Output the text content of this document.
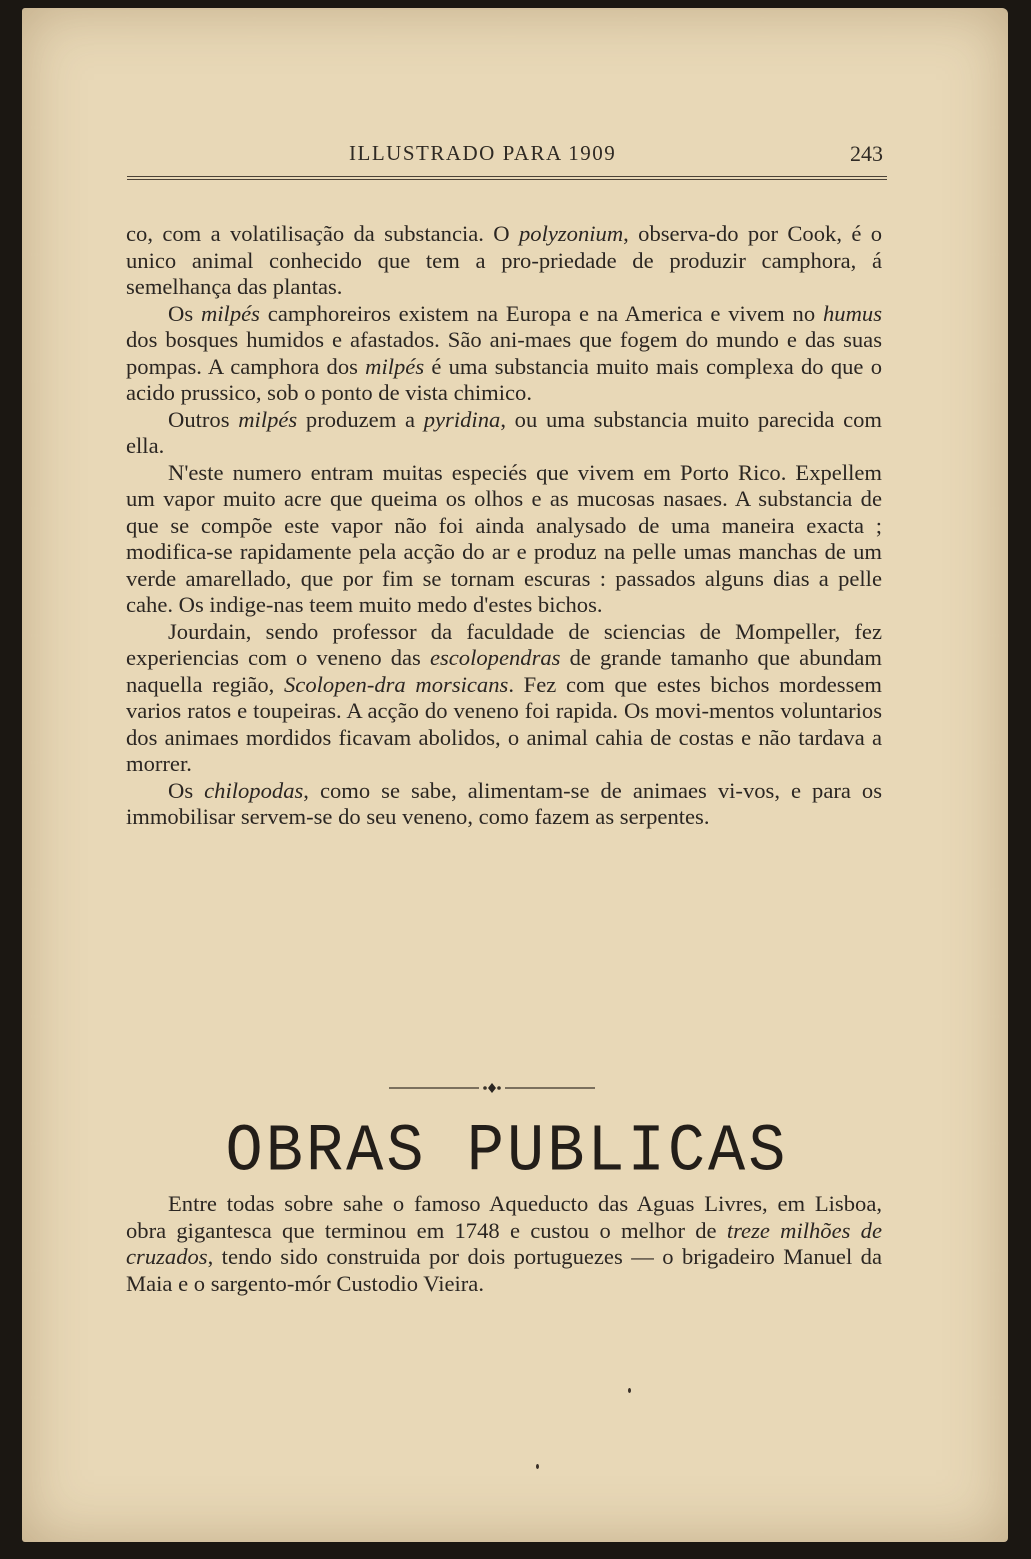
ILLUSTRADO PARA 1909	243

co, com a volatilisação da substancia. O polyzonium, observa-do por Cook, é o unico animal conhecido que tem a pro-priedade de produzir camphora, á semelhança das plantas.

Os milpés camphoreiros existem na Europa e na America e vivem no humus dos bosques humidos e afastados. São ani-maes que fogem do mundo e das suas pompas. A camphora dos milpés é uma substancia muito mais complexa do que o acido prussico, sob o ponto de vista chimico.

Outros milpés produzem a pyridina, ou uma substancia muito parecida com ella.

N'este numero entram muitas especiés que vivem em Porto Rico. Expellem um vapor muito acre que queima os olhos e as mucosas nasaes. A substancia de que se compõe este vapor não foi ainda analysado de uma maneira exacta ; modifica-se rapidamente pela acção do ar e produz na pelle umas manchas de um verde amarellado, que por fim se tornam escuras : passados alguns dias a pelle cahe. Os indige-nas teem muito medo d'estes bichos.

Jourdain, sendo professor da faculdade de sciencias de Mompeller, fez experiencias com o veneno das escolopendras de grande tamanho que abundam naquella região, Scolopen-dra morsicans. Fez com que estes bichos mordessem varios ratos e toupeiras. A acção do veneno foi rapida. Os movi-mentos voluntarios dos animaes mordidos ficavam abolidos, o animal cahia de costas e não tardava a morrer.

Os chilopodas, como se sabe, alimentam-se de animaes vi-vos, e para os immobilisar servem-se do seu veneno, como fazem as serpentes.

OBRAS PUBLICAS

Entre todas sobre sahe o famoso Aqueducto das Aguas Livres, em Lisboa, obra gigantesca que terminou em 1748 e custou o melhor de treze milhões de cruzados, tendo sido construida por dois portuguezes — o brigadeiro Manuel da Maia e o sargento-mór Custodio Vieira.
